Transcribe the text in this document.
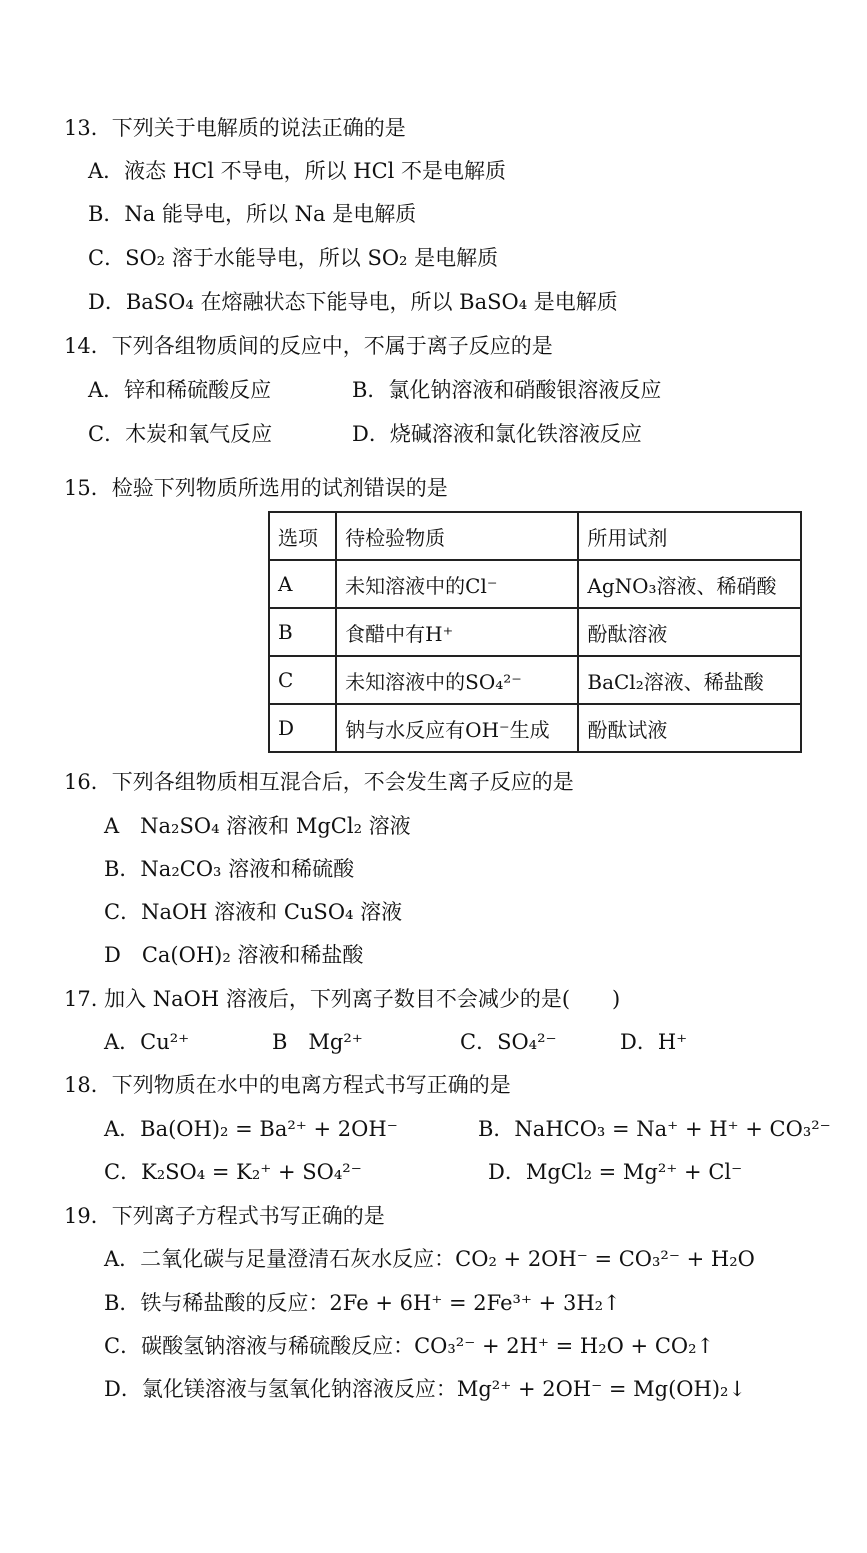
13．下列关于电解质的说法正确的是
A．液态 HCl 不导电，所以 HCl 不是电解质
B．Na 能导电，所以 Na 是电解质
C．SO₂ 溶于水能导电，所以 SO₂ 是电解质
D．BaSO₄ 在熔融状态下能导电，所以 BaSO₄ 是电解质
14．下列各组物质间的反应中，不属于离子反应的是
A．锌和稀硫酸反应	B．氯化钠溶液和硝酸银溶液反应
C．木炭和氧气反应	D．烧碱溶液和氯化铁溶液反应
15．检验下列物质所选用的试剂错误的是
选项	待检验物质	所用试剂
A	未知溶液中的Cl⁻	AgNO₃溶液、稀硝酸
B	食醋中有H⁺	酚酞溶液
C	未知溶液中的SO₄²⁻	BaCl₂溶液、稀盐酸
D	钠与水反应有OH⁻生成	酚酞试液
16．下列各组物质相互混合后，不会发生离子反应的是
A　Na₂SO₄ 溶液和 MgCl₂ 溶液
B．Na₂CO₃ 溶液和稀硫酸
C．NaOH 溶液和 CuSO₄ 溶液
D　Ca(OH)₂ 溶液和稀盐酸
17. 加入 NaOH 溶液后，下列离子数目不会减少的是(　　)
A．Cu²⁺	B　Mg²⁺	C．SO₄²⁻	D．H⁺
18．下列物质在水中的电离方程式书写正确的是
A．Ba(OH)₂ = Ba²⁺ + 2OH⁻	B．NaHCO₃ = Na⁺ + H⁺ + CO₃²⁻
C．K₂SO₄ = K₂⁺ + SO₄²⁻	D．MgCl₂ = Mg²⁺ + Cl⁻
19．下列离子方程式书写正确的是
A．二氧化碳与足量澄清石灰水反应：CO₂ + 2OH⁻ = CO₃²⁻ + H₂O
B．铁与稀盐酸的反应：2Fe + 6H⁺ = 2Fe³⁺ + 3H₂↑
C．碳酸氢钠溶液与稀硫酸反应：CO₃²⁻ + 2H⁺ = H₂O + CO₂↑
D．氯化镁溶液与氢氧化钠溶液反应：Mg²⁺ + 2OH⁻ = Mg(OH)₂↓
